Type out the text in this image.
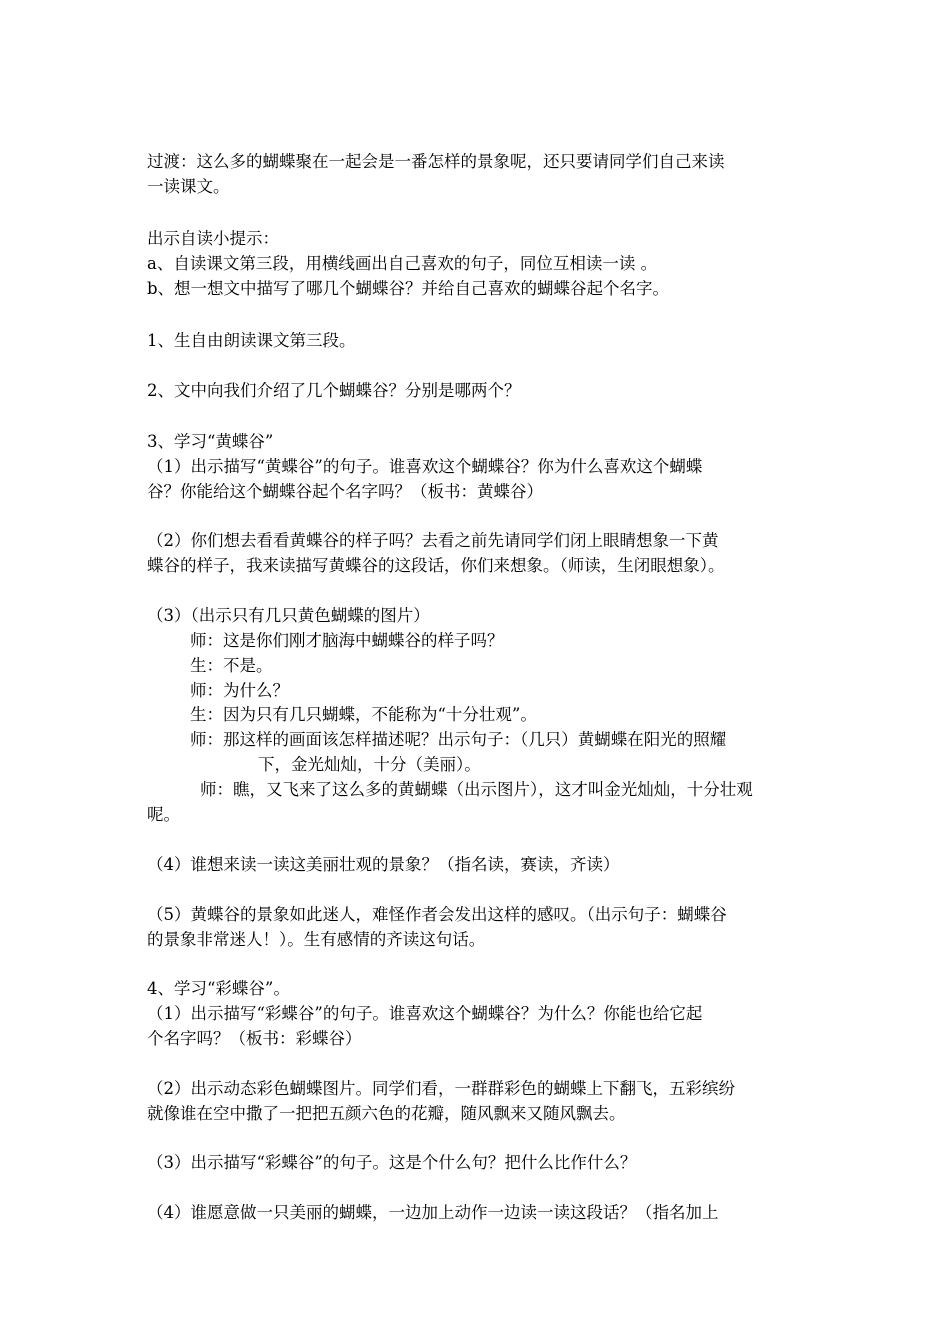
过渡：这么多的蝴蝶聚在一起会是一番怎样的景象呢，还只要请同学们自己来读
一读课文。
出示自读小提示：
a、自读课文第三段，用横线画出自己喜欢的句子，同位互相读一读 。
b、想一想文中描写了哪几个蝴蝶谷？并给自己喜欢的蝴蝶谷起个名字。
1、生自由朗读课文第三段。
2、文中向我们介绍了几个蝴蝶谷？分别是哪两个？
3、学习“黄蝶谷”
（1）出示描写“黄蝶谷”的句子。谁喜欢这个蝴蝶谷？你为什么喜欢这个蝴蝶
谷？你能给这个蝴蝶谷起个名字吗？（板书：黄蝶谷）
（2）你们想去看看黄蝶谷的样子吗？去看之前先请同学们闭上眼睛想象一下黄
蝶谷的样子，我来读描写黄蝶谷的这段话，你们来想象。（师读，生闭眼想象）。
（3）（出示只有几只黄色蝴蝶的图片）
师：这是你们刚才脑海中蝴蝶谷的样子吗？
生：不是。
师：为什么？
生：因为只有几只蝴蝶，不能称为“十分壮观”。
师：那这样的画面该怎样描述呢？出示句子：（几只）黄蝴蝶在阳光的照耀
下，金光灿灿，十分（美丽）。
师：瞧，又飞来了这么多的黄蝴蝶（出示图片），这才叫金光灿灿，十分壮观
呢。
（4）谁想来读一读这美丽壮观的景象？（指名读，赛读，齐读）
（5）黄蝶谷的景象如此迷人，难怪作者会发出这样的感叹。（出示句子：蝴蝶谷
的景象非常迷人！）。生有感情的齐读这句话。
4、学习“彩蝶谷”。
（1）出示描写“彩蝶谷”的句子。谁喜欢这个蝴蝶谷？为什么？你能也给它起
个名字吗？（板书：彩蝶谷）
（2）出示动态彩色蝴蝶图片。同学们看，一群群彩色的蝴蝶上下翻飞，五彩缤纷
就像谁在空中撒了一把把五颜六色的花瓣，随风飘来又随风飘去。
（3）出示描写“彩蝶谷”的句子。这是个什么句？把什么比作什么？
（4）谁愿意做一只美丽的蝴蝶，一边加上动作一边读一读这段话？（指名加上
